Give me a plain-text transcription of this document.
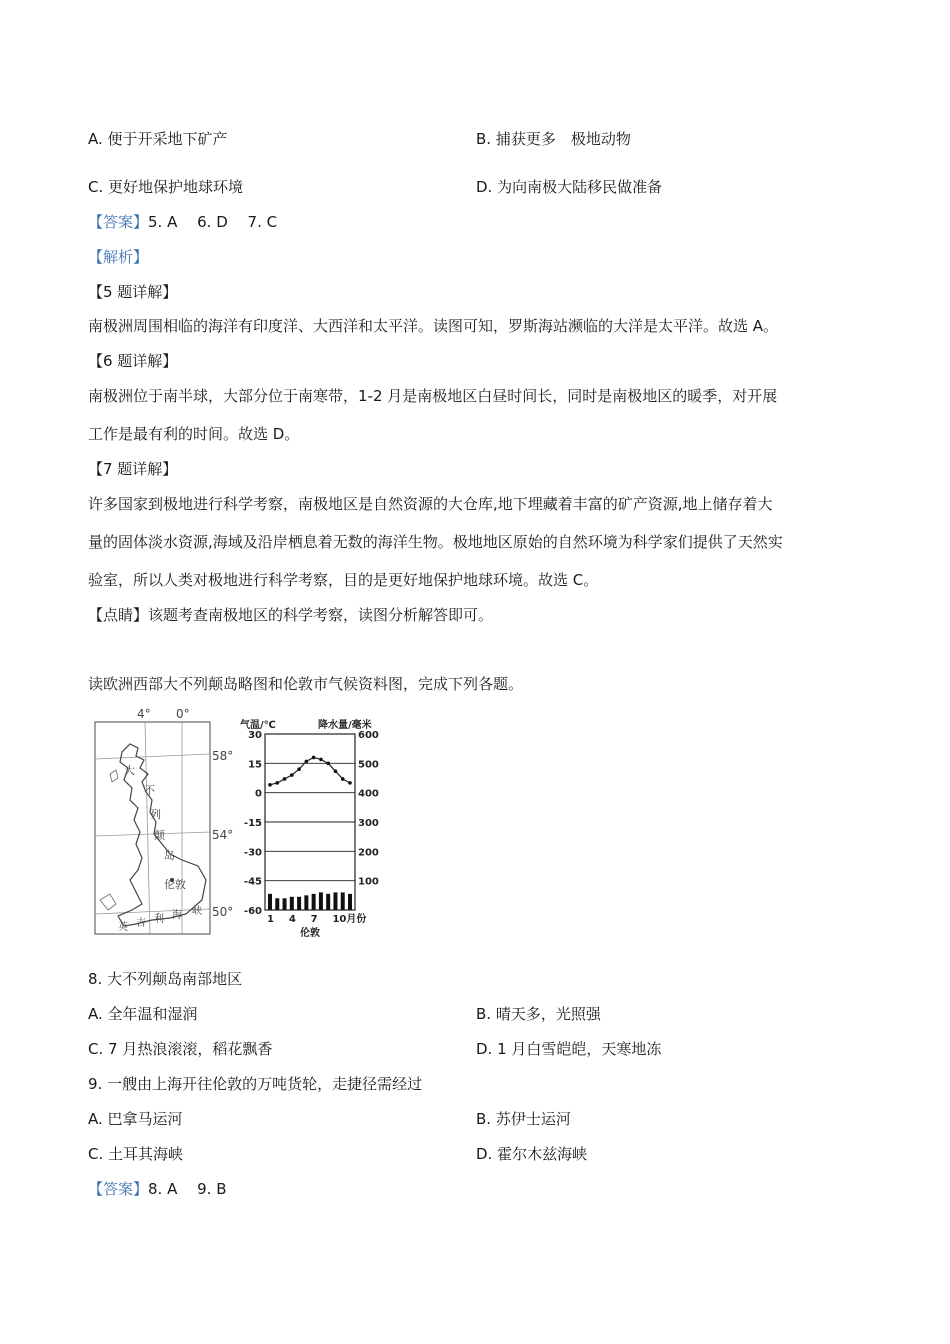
A. 便于开采地下矿产	B. 捕获更多　极地动物
C. 更好地保护地球环境	D. 为向南极大陆移民做准备
【答案】5. A　 6. D　 7. C
【解析】
【5 题详解】
南极洲周围相临的海洋有印度洋、大西洋和太平洋。读图可知，罗斯海站濒临的大洋是太平洋。故选 A。
【6 题详解】
南极洲位于南半球，大部分位于南寒带，1-2 月是南极地区白昼时间长，同时是南极地区的暖季，对开展
工作是最有利的时间。故选 D。
【7 题详解】
许多国家到极地进行科学考察，南极地区是自然资源的大仓库,地下埋藏着丰富的矿产资源,地上储存着大
量的固体淡水资源,海域及沿岸栖息着无数的海洋生物。极地地区原始的自然环境为科学家们提供了天然实
验室，所以人类对极地进行科学考察，目的是更好地保护地球环境。故选 C。
【点睛】该题考查南极地区的科学考察，读图分析解答即可。
读欧洲西部大不列颠岛略图和伦敦市气候资料图，完成下列各题。
4° 0°
58°
54°
50°
大
不
列
颠
岛
伦敦
英 吉 利 海 峡
气温/℃	降水量/毫米
30
15
0
-15
-30
-45
-60
600
500
400
300
200
100
1 4 7 10月份
伦敦
8. 大不列颠岛南部地区
A. 全年温和湿润	B. 晴天多，光照强
C. 7 月热浪滚滚，稻花飘香	D. 1 月白雪皑皑，天寒地冻
9. 一艘由上海开往伦敦的万吨货轮，走捷径需经过
A. 巴拿马运河	B. 苏伊士运河
C. 土耳其海峡	D. 霍尔木兹海峡
【答案】8. A　 9. B
